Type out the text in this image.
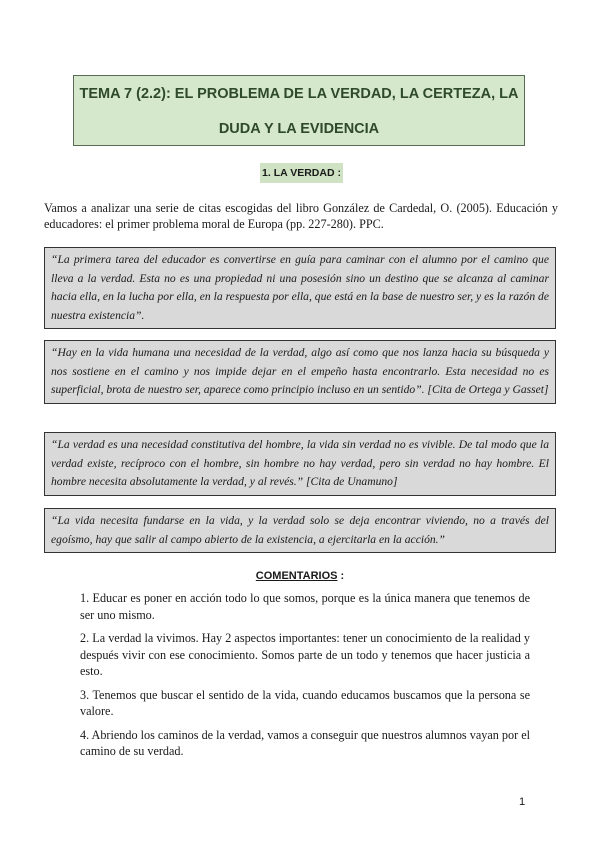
TEMA 7 (2.2): EL PROBLEMA DE LA VERDAD, LA CERTEZA, LA
DUDA Y LA EVIDENCIA
1. LA VERDAD :
Vamos a analizar una serie de citas escogidas del libro González de Cardedal, O. (2005). Educación y educadores: el primer problema moral de Europa (pp. 227-280). PPC.
“La primera tarea del educador es convertirse en guía para caminar con el alumno por el camino que lleva a la verdad. Esta no es una propiedad ni una posesión sino un destino que se alcanza al caminar hacia ella, en la lucha por ella, en la respuesta por ella, que está en la base de nuestro ser, y es la razón de nuestra existencia”.
“Hay en la vida humana una necesidad de la verdad, algo así como que nos lanza hacia su búsqueda y nos sostiene en el camino y nos impide dejar en el empeño hasta encontrarlo. Esta necesidad no es superficial, brota de nuestro ser, aparece como principio incluso en un sentido”. [Cita de Ortega y Gasset]
“La verdad es una necesidad constitutiva del hombre, la vida sin verdad no es vivible. De tal modo que la verdad existe, recíproco con el hombre, sin hombre no hay verdad, pero sin verdad no hay hombre. El hombre necesita absolutamente la verdad, y al revés.” [Cita de Unamuno]
“La vida necesita fundarse en la vida, y la verdad solo se deja encontrar viviendo, no a través del egoísmo, hay que salir al campo abierto de la existencia, a ejercitarla en la acción.”
COMENTARIOS :

1. Educar es poner en acción todo lo que somos, porque es la única manera que tenemos de ser uno mismo.

2. La verdad la vivimos. Hay 2 aspectos importantes: tener un conocimiento de la realidad y después vivir con ese conocimiento. Somos parte de un todo y tenemos que hacer justicia a esto.

3. Tenemos que buscar el sentido de la vida, cuando educamos buscamos que la persona se valore.

4. Abriendo los caminos de la verdad, vamos a conseguir que nuestros alumnos vayan por el camino de su verdad.

1
